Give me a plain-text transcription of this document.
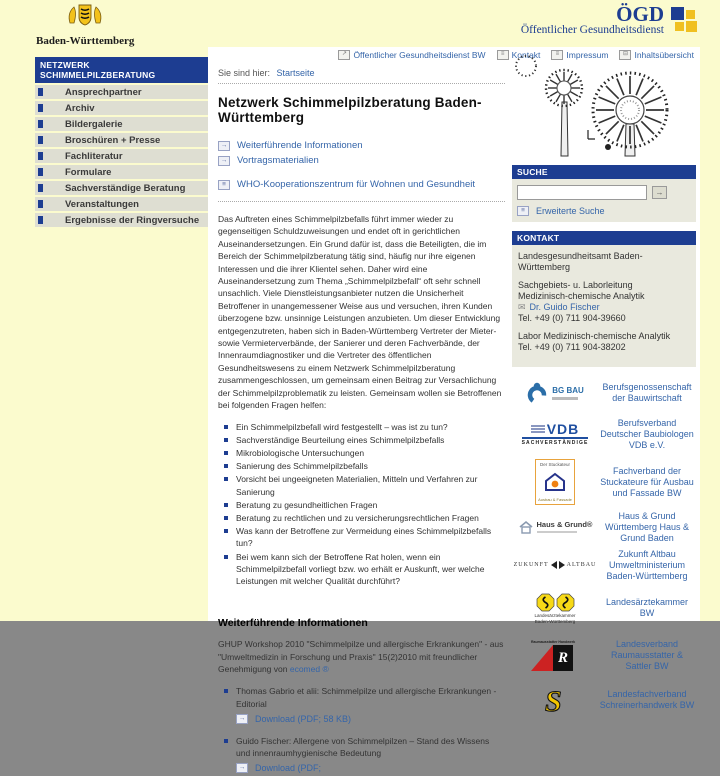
Baden-Württemberg
ÖGD
Öffentlicher Gesundheitsdienst
↗ Öffentlicher Gesundheitsdienst BW	≡ Kontakt	≡ Impressum	⊟ Inhaltsübersicht
NETZWERK SCHIMMELPILZBERATUNG
Ansprechpartner
Archiv
Bildergalerie
Broschüren + Presse
Fachliteratur
Formulare
Sachverständige Beratung
Veranstaltungen
Ergebnisse der Ringversuche
Sie sind hier: Startseite
Netzwerk Schimmelpilzberatung Baden-Württemberg
→ Weiterführende Informationen
→ Vortragsmaterialien
≡	WHO-Kooperationszentrum für Wohnen und Gesundheit

Das Auftreten eines Schimmelpilzbefalls führt immer wieder zu gegenseitigen Schuldzuweisungen und endet oft in gerichtlichen Auseinandersetzungen. Ein Grund dafür ist, dass die Beteiligten, die im Bereich der Schimmelpilzberatung tätig sind, häufig nur ihre eigenen Interessen und die ihrer Klientel sehen. Daher wird eine Auseinandersetzung zum Thema „Schimmelpilzbefall“ oft sehr schnell unsachlich. Viele Dienstleistungsanbieter nutzen die Unsicherheit Betroffener in unangemessener Weise aus und versuchen, ihren Kunden überzogene bzw. unsinnige Leistungen anzubieten. Um dieser Entwicklung entgegenzutreten, haben sich in Baden-Württemberg Vertreter der Mieter- sowie Vermieterverbände, der Sanierer und deren Fachverbände, der Innenraumdiagnostiker und die Vertreter des öffentlichen Gesundheitswesens zu einem Netzwerk Schimmelpilzberatung zusammengeschlossen, um gemeinsam einen Beitrag zur Versachlichung der Schimmelpilzproblematik zu leisten. Gemeinsam wollen sie Betroffenen bei folgenden Fragen helfen:

Ein Schimmelpilzbefall wird festgestellt – was ist zu tun?
Sachverständige Beurteilung eines Schimmelpilzbefalls
Mikrobiologische Untersuchungen
Sanierung des Schimmelpilzbefalls
Vorsicht bei ungeeigneten Materialien, Mitteln und Verfahren zur Sanierung
Beratung zu gesundheitlichen Fragen
Beratung zu rechtlichen und zu versicherungsrechtlichen Fragen
Was kann der Betroffene zur Vermeidung eines Schimmelpilzbefalls tun?
Bei wem kann sich der Betroffene Rat holen, wenn ein Schimmelpilzbefall vorliegt bzw. wo erhält er Auskunft, wer welche Leistungen mit welcher Qualität durchführt?
Weiterführende Informationen

GHUP Workshop 2010 "Schimmelpilze und allergische Erkrankungen" - aus "Umweltmedizin in Forschung und Praxis" 15(2)2010 mit freundlicher Genehmigung von ecomed ®

Thomas Gabrio et alii: Schimmelpilze und allergische Erkrankungen - Editorial
→	Download (PDF; 58 KB)
Guido Fischer: Allergene von Schimmelpilzen – Stand des Wissens und innenraumhygienische Bedeutung
→	Download (PDF;
SUCHE
→
≡	Erweiterte Suche
KONTAKT

Landesgesundheitsamt Baden-Württemberg

Sachgebiets- u. Laborleitung
Medizinisch-chemische Analytik
✉ Dr. Guido Fischer
Tel. +49 (0) 711 904-39660

Labor Medizinisch-chemische Analytik
Tel. +49 (0) 711 904-38202

BG BAU	Berufsgenossenschaft der Bauwirtschaft
VDB
SACHVERSTÄNDIGE
Berufsverband Deutscher Baubiologen VDB e.V.
Der Stuckateur
Ausbau & Fassade
Fachverband der Stuckateure für Ausbau und Fassade BW
Haus & Grund®
Haus & Grund Württemberg Haus & Grund Baden
ZUKUNFT	ALTBAU
Zukunft Altbau Umweltministerium Baden-Württemberg
Landesärztekammer
Baden-Württemberg
Landesärztekammer BW
Raumausstatter Handwerk
R
Landesverband Raumausstatter & Sattler BW
S	Landesfachverband Schreinerhandwerk BW
